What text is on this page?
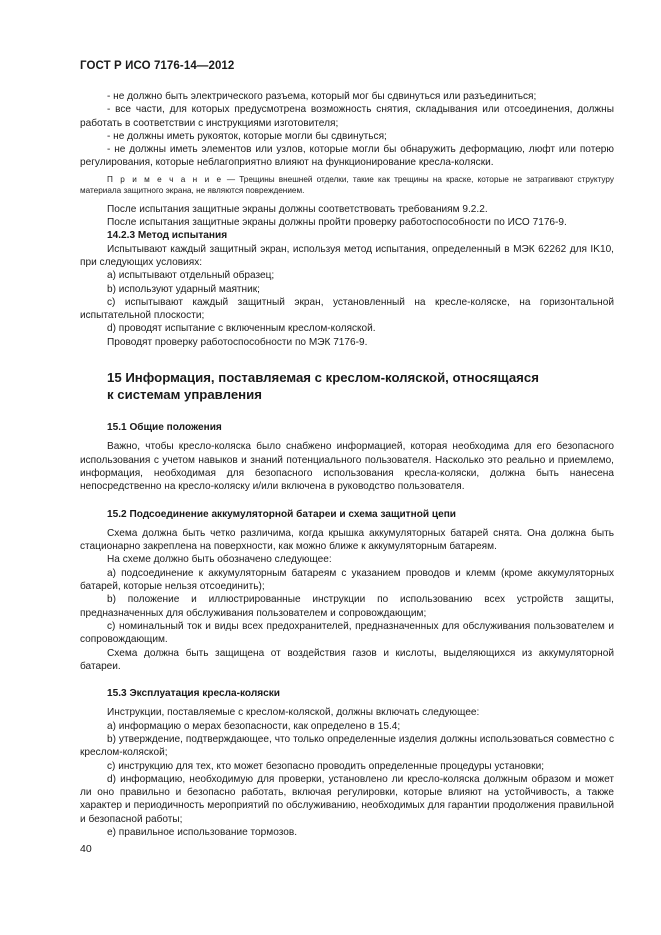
ГОСТ Р ИСО 7176-14—2012

- не должно быть электрического разъема, который мог бы сдвинуться или разъединиться;

- все части, для которых предусмотрена возможность снятия, складывания или отсоединения, должны работать в соответствии с инструкциями изготовителя;

- не должны иметь рукояток, которые могли бы сдвинуться;

- не должны иметь элементов или узлов, которые могли бы обнаружить деформацию, люфт или потерю регулирования, которые неблагоприятно влияют на функционирование кресла-коляски.

П р и м е ч а н и е — Трещины внешней отделки, такие как трещины на краске, которые не затрагивают структуру материала защитного экрана, не являются повреждением.

После испытания защитные экраны должны соответствовать требованиям 9.2.2.

После испытания защитные экраны должны пройти проверку работоспособности по ИСО 7176-9.

14.2.3 Метод испытания

Испытывают каждый защитный экран, используя метод испытания, определенный в МЭК 62262 для IK10, при следующих условиях:

а) испытывают отдельный образец;

b) используют ударный маятник;

c) испытывают каждый защитный экран, установленный на кресле-коляске, на горизонтальной испытательной плоскости;

d) проводят испытание с включенным креслом-коляской.

Проводят проверку работоспособности по МЭК 7176-9.

15 Информация, поставляемая с креслом-коляской, относящаяся
к системам управления

15.1 Общие положения

Важно, чтобы кресло-коляска было снабжено информацией, которая необходима для его безопасного использования с учетом навыков и знаний потенциального пользователя. Насколько это реально и приемлемо, информация, необходимая для безопасного использования кресла-коляски, должна быть нанесена непосредственно на кресло-коляску и/или включена в руководство пользователя.

15.2 Подсоединение аккумуляторной батареи и схема защитной цепи

Схема должна быть четко различима, когда крышка аккумуляторных батарей снята. Она должна быть стационарно закреплена на поверхности, как можно ближе к аккумуляторным батареям.

На схеме должно быть обозначено следующее:

а) подсоединение к аккумуляторным батареям с указанием проводов и клемм (кроме аккумуляторных батарей, которые нельзя отсоединить);

b) положение и иллюстрированные инструкции по использованию всех устройств защиты, предназначенных для обслуживания пользователем и сопровождающим;

c) номинальный ток и виды всех предохранителей, предназначенных для обслуживания пользователем и сопровождающим.

Схема должна быть защищена от воздействия газов и кислоты, выделяющихся из аккумуляторной батареи.

15.3 Эксплуатация кресла-коляски

Инструкции, поставляемые с креслом-коляской, должны включать следующее:

а) информацию о мерах безопасности, как определено в 15.4;

b) утверждение, подтверждающее, что только определенные изделия должны использоваться совместно с креслом-коляской;

c) инструкцию для тех, кто может безопасно проводить определенные процедуры установки;

d) информацию, необходимую для проверки, установлено ли кресло-коляска должным образом и может ли оно правильно и безопасно работать, включая регулировки, которые влияют на устойчивость, а также характер и периодичность мероприятий по обслуживанию, необходимых для гарантии продолжения правильной и безопасной работы;

е) правильное использование тормозов.

40
